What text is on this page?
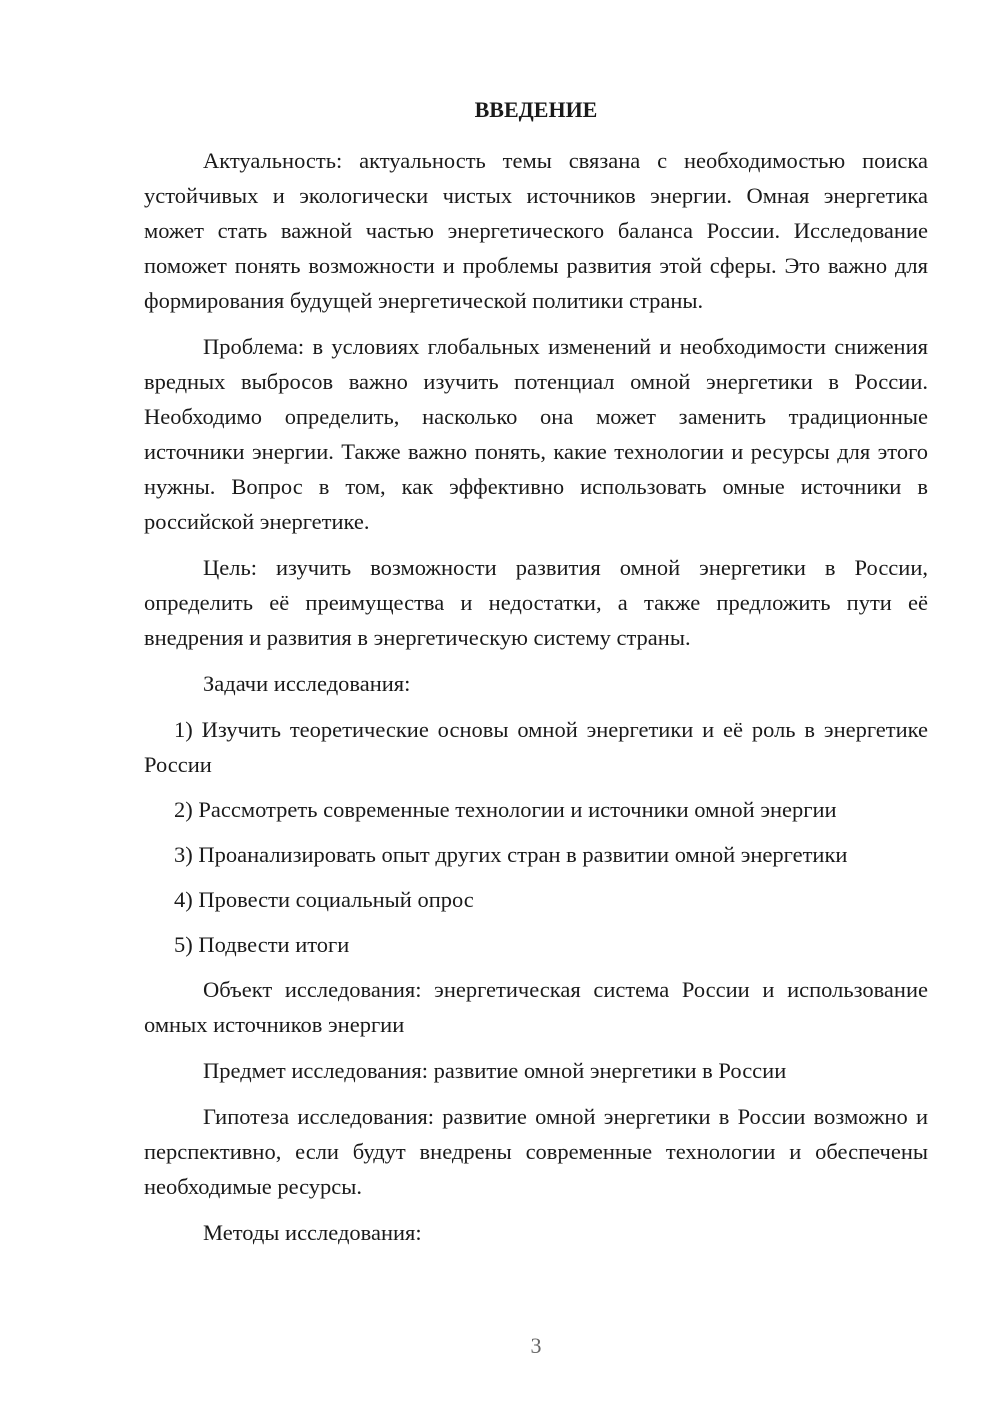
ВВЕДЕНИЕ

Актуальность: актуальность темы связана с необходимостью поиска устойчивых и экологически чистых источников энергии. Омная энергетика может стать важной частью энергетического баланса России. Исследование поможет понять возможности и проблемы развития этой сферы. Это важно для формирования будущей энергетической политики страны.

Проблема: в условиях глобальных изменений и необходимости снижения вредных выбросов важно изучить потенциал омной энергетики в России. Необходимо определить, насколько она может заменить традиционные источники энергии. Также важно понять, какие технологии и ресурсы для этого нужны. Вопрос в том, как эффективно использовать омные источники в российской энергетике.

Цель: изучить возможности развития омной энергетики в России, определить её преимущества и недостатки, а также предложить пути её внедрения и развития в энергетическую систему страны.

Задачи исследования:

1) Изучить теоретические основы омной энергетики и её роль в энергетике России

2) Рассмотреть современные технологии и источники омной энергии

3) Проанализировать опыт других стран в развитии омной энергетики

4) Провести социальный опрос

5) Подвести итоги

Объект исследования: энергетическая система России и использование омных источников энергии

Предмет исследования: развитие омной энергетики в России

Гипотеза исследования: развитие омной энергетики в России возможно и перспективно, если будут внедрены современные технологии и обеспечены необходимые ресурсы.

Методы исследования:

3
